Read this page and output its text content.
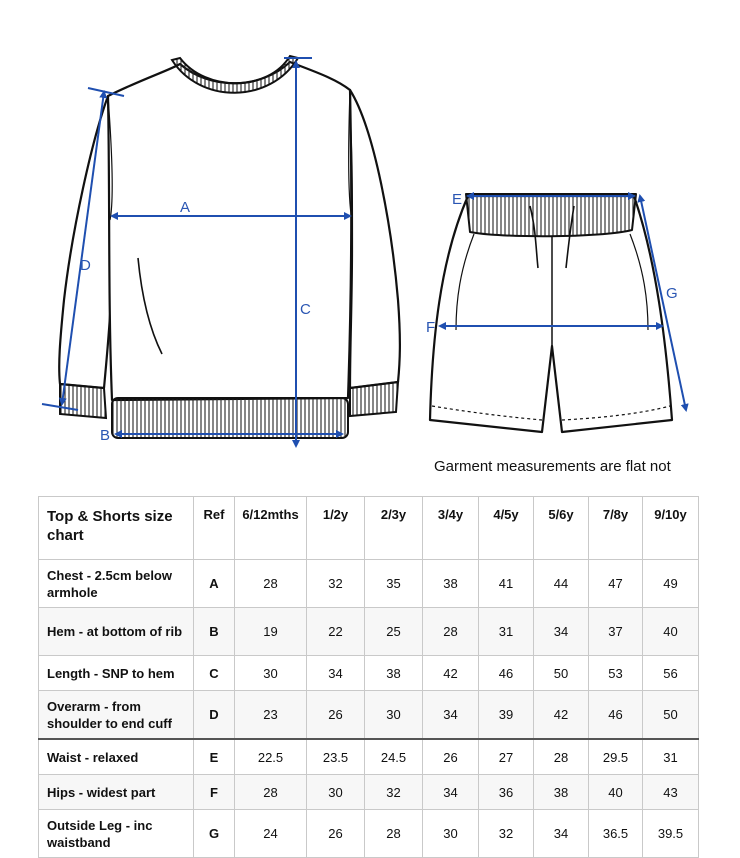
A
B
C
D
E
F
G
Garment measurements are flat not
Top & Shorts size chart	Ref	6/12mths	1/2y	2/3y	3/4y	4/5y	5/6y	7/8y	9/10y
Chest - 2.5cm below armhole	A	28	32	35	38	41	44	47	49
Hem - at bottom of rib	B	19	22	25	28	31	34	37	40
Length - SNP to hem	C	30	34	38	42	46	50	53	56
Overarm - from shoulder to end cuff	D	23	26	30	34	39	42	46	50
Waist - relaxed	E	22.5	23.5	24.5	26	27	28	29.5	31
Hips - widest part	F	28	30	32	34	36	38	40	43
Outside Leg - inc waistband	G	24	26	28	30	32	34	36.5	39.5
